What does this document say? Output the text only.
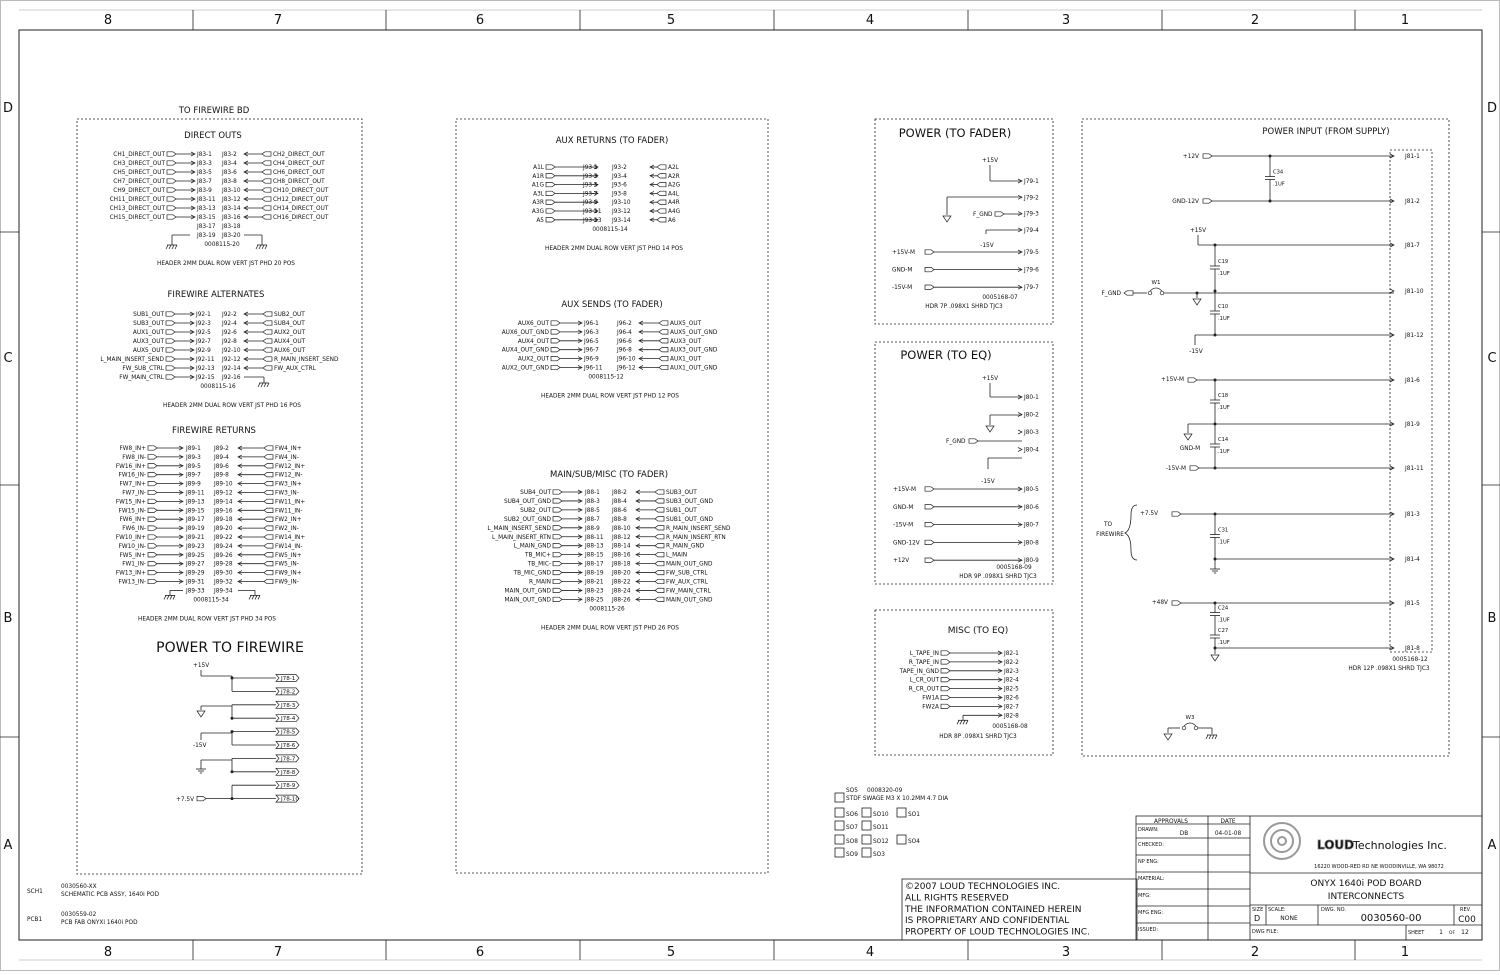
8
8
7
7
6
6
5
5
4
4
3
3
2
2
1
1
D	D
C	C
B	B
A	A
TO FIREWIRE BD
DIRECT OUTS
CH1_DIRECT_OUT	J83-1 J83-2	CH2_DIRECT_OUT
CH3_DIRECT_OUT	J83-3 J83-4	CH4_DIRECT_OUT
CH5_DIRECT_OUT	J83-5 J83-6	CH6_DIRECT_OUT
CH7_DIRECT_OUT	J83-7 J83-8	CH8_DIRECT_OUT
CH9_DIRECT_OUT	J83-9 J83-10	CH10_DIRECT_OUT
CH11_DIRECT_OUT	J83-11 J83-12	CH12_DIRECT_OUT
CH13_DIRECT_OUT	J83-13 J83-14	CH14_DIRECT_OUT
CH15_DIRECT_OUT	J83-15 J83-16	CH16_DIRECT_OUT
J83-17 J83-18
J83-19 J83-20
0008115-20
HEADER 2MM DUAL ROW VERT JST PHD 20 POS
FIREWIRE ALTERNATES
SUB1_OUT	J92-1 J92-2	SUB2_OUT
SUB3_OUT	J92-3 J92-4	SUB4_OUT
AUX1_OUT	J92-5 J92-6	AUX2_OUT
AUX3_OUT	J92-7 J92-8	AUX4_OUT
AUX5_OUT	J92-9 J92-10	AUX6_OUT
L_MAIN_INSERT_SEND	J92-11 J92-12	R_MAIN_INSERT_SEND
FW_SUB_CTRL	J92-13 J92-14	FW_AUX_CTRL
FW_MAIN_CTRL	J92-15 J92-16
0008115-16
HEADER 2MM DUAL ROW VERT JST PHD 16 POS
FIREWIRE RETURNS
FW8_IN+	J89-1 J89-2	FW4_IN+
FW8_IN-	J89-3 J89-4	FW4_IN-
FW16_IN+	J89-5 J89-6	FW12_IN+
FW16_IN-	J89-7 J89-8	FW12_IN-
FW7_IN+	J89-9 J89-10	FW3_IN+
FW7_IN-	J89-11 J89-12	FW3_IN-
FW15_IN+	J89-13 J89-14	FW11_IN+
FW15_IN-	J89-15 J89-16	FW11_IN-
FW6_IN+	J89-17 J89-18	FW2_IN+
FW6_IN-	J89-19 J89-20	FW2_IN-
FW10_IN+	J89-21 J89-22	FW14_IN+
FW10_IN-	J89-23 J89-24	FW14_IN-
FW5_IN+	J89-25 J89-26	FW5_IN+
FW1_IN-	J89-27 J89-28	FW5_IN-
FW13_IN+	J89-29 J89-30	FW9_IN+
FW13_IN-	J89-31 J89-32	FW9_IN-
J89-33 J89-34
0008115-34
HEADER 2MM DUAL ROW VERT JST PHD 34 POS
POWER TO FIREWIRE
J78-1
J78-2
J78-3
J78-4
J78-5
J78-6
J78-7
J78-8
J78-9
J78-10
+15V
-15V
+7.5V
AUX RETURNS (TO FADER)
A1L	J93-1 J93-2	A2L
A1R	J93-3 J93-4	A2R
A1G	J93-5 J93-6	A2G
A3L	J93-7 J93-8	A4L
A3R	J93-9 J93-10	A4R
A3G	J93-11 J93-12	A4G
A5	J93-13 J93-14	A6
0008115-14
HEADER 2MM DUAL ROW VERT JST PHD 14 POS
AUX SENDS (TO FADER)
AUX6_OUT	J96-1	J96-2	AUX5_OUT
AUX6_OUT_GND	J96-3	J96-4	AUX5_OUT_GND
AUX4_OUT	J96-5	J96-6	AUX3_OUT
AUX4_OUT_GND	J96-7	J96-8	AUX3_OUT_GND
AUX2_OUT	J96-9	J96-10	AUX1_OUT
AUX2_OUT_GND	J96-11 J96-12	AUX1_OUT_GND
0008115-12
HEADER 2MM DUAL ROW VERT JST PHD 12 POS
MAIN/SUB/MISC (TO FADER)
SUB4_OUT	J88-1 J88-2	SUB3_OUT
SUB4_OUT_GND	J88-3 J88-4	SUB3_OUT_GND
SUB2_OUT	J88-5 J88-6	SUB1_OUT
SUB2_OUT_GND	J88-7 J88-8	SUB1_OUT_GND
L_MAIN_INSERT_SEND	J88-9 J88-10	R_MAIN_INSERT_SEND
L_MAIN_INSERT_RTN	J88-11 J88-12	R_MAIN_INSERT_RTN
L_MAIN_GND	J88-13 J88-14	R_MAIN_GND
TB_MIC+	J88-15 J88-16	L_MAIN
TB_MIC-	J88-17 J88-18	MAIN_OUT_GND
TB_MIC_GND	J88-19 J88-20	FW_SUB_CTRL
R_MAIN	J88-21 J88-22	FW_AUX_CTRL
MAIN_OUT_GND	J88-23 J88-24	FW_MAIN_CTRL
MAIN_OUT_GND	J88-25 J88-26	MAIN_OUT_GND
0008115-26
HEADER 2MM DUAL ROW VERT JST PHD 26 POS
POWER (TO FADER)
J79-1
J79-2
J79-3
J79-4
+15V
F_GND
-15V
+15V-M	J79-5
GND-M	J79-6
-15V-M	J79-7
0005168-07
HDR 7P .098X1 SHRD TJC3
POWER (TO EQ)
J80-1
J80-2
J80-3
J80-4
+15V
F_GND
-15V
+15V-M	J80-5
GND-M	J80-6
-15V-M	J80-7
GND-12V	J80-8
+12V	J80-9
0005168-09
HDR 9P .098X1 SHRD TJC3
MISC (TO EQ)
L_TAPE_IN	J82-1
R_TAPE_IN	J82-2
TAPE_IN_GND	J82-3
L_CR_OUT	J82-4
R_CR_OUT	J82-5
FW1A	J82-6
FW2A	J82-7
J82-8
0005168-08
HDR 8P .098X1 SHRD TJC3
POWER INPUT (FROM SUPPLY)
J81-1
J81-2
J81-7
J81-10
J81-12
J81-6
J81-9
J81-11
J81-3
J81-4
J81-5
J81-8
+12V
GND-12V
C34
.1UF
+15V
C19
.1UF
C10
.1UF
-15V
F_GND
W1
+15V-M
C18
.1UF
GND-M
C14
.1UF
-15V-M
+7.5V
TO
FIREWIRE
C31
.1UF
+48V
C24
.1UF
C27
.1UF
0005168-12
HDR 12P .098X1 SHRD TJC3
W3
SO5 0008320-09
STDF SWAGE M3 X 10.2MM 4.7 DIA
SO6	SO10	SO1
SO7	SO11
SO8	SO12	SO4
SO9	SO3
SCH1
0030560-XX
SCHEMATIC PCB ASSY, 1640i POD
PCB1
0030559-02
PCB FAB ONYXi 1640i POD
©2007 LOUD TECHNOLOGIES INC.
ALL RIGHTS RESERVED
THE INFORMATION CONTAINED HEREIN
IS PROPRIETARY AND CONFIDENTIAL
PROPERTY OF LOUD TECHNOLOGIES INC.
APPROVALS	DATE
DRAWN:
DB	04-01-08
CHECKED:
NP ENG:
MATERIAL:
MFG:
MFG ENG:
ISSUED:
LOUD
Technologies Inc.
16220 WOOD-RED RD NE WOODINVILLE, WA 98072
ONYX 1640i POD BOARD
INTERCONNECTS
SIZE
D
SCALE:
NONE
DWG. NO.
0030560-00
REV.
C00
DWG FILE:	SHEET 1 OF 12
